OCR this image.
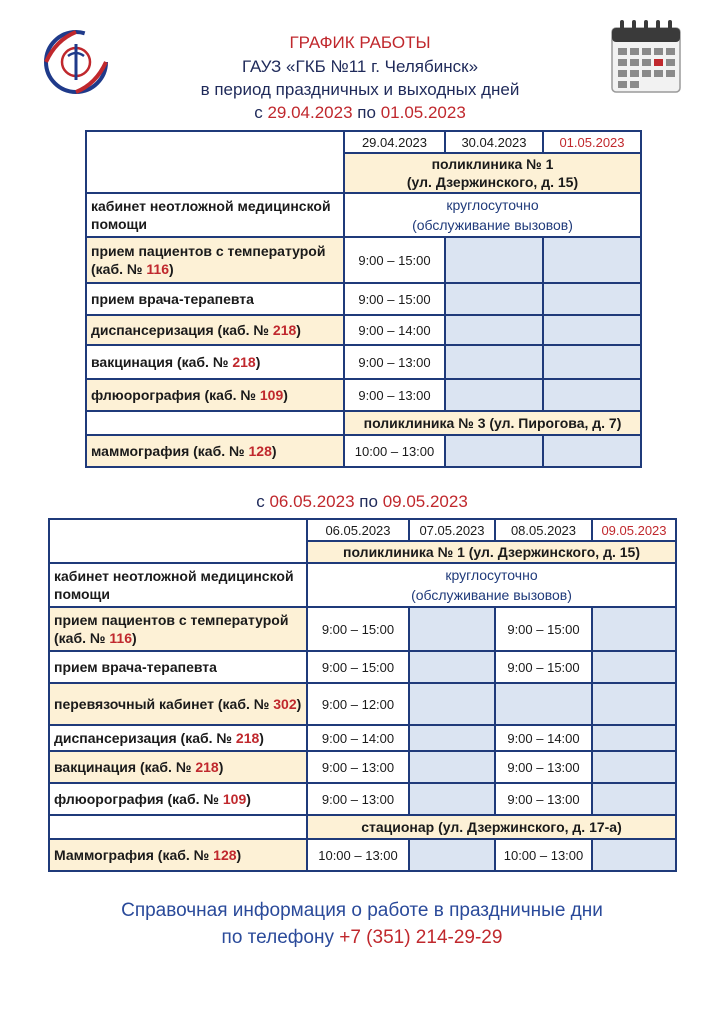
ГРАФИК РАБОТЫ
ГАУЗ «ГКБ №11 г. Челябинск»
в период праздничных и выходных дней
с 29.04.2023 по 01.05.2023
	29.04.2023	30.04.2023	01.05.2023
	поликлиника № 1
(ул. Дзержинского, д. 15)		
кабинет неотложной медицинской помощи	круглосуточно
(обслуживание вызовов)		
прием пациентов с температурой (каб. № 116)	9:00 – 15:00		
прием врача-терапевта	9:00 – 15:00		
диспансеризация (каб. № 218)	9:00 – 14:00		
вакцинация (каб. № 218)	9:00 – 13:00		
флюорография (каб. № 109)	9:00 – 13:00		
	поликлиника № 3 (ул. Пирогова, д. 7)		
маммография (каб. № 128)	10:00 – 13:00		
с 06.05.2023 по 09.05.2023
	06.05.2023	07.05.2023	08.05.2023	09.05.2023
	поликлиника № 1 (ул. Дзержинского, д. 15)			
кабинет неотложной медицинской помощи	круглосуточно
(обслуживание вызовов)			
прием пациентов с температурой (каб. № 116)	9:00 – 15:00		9:00 – 15:00	
прием врача-терапевта	9:00 – 15:00		9:00 – 15:00	
перевязочный кабинет (каб. № 302)	9:00 – 12:00			
диспансеризация (каб. № 218)	9:00 – 14:00		9:00 – 14:00	
вакцинация (каб. № 218)	9:00 – 13:00		9:00 – 13:00	
флюорография (каб. № 109)	9:00 – 13:00		9:00 – 13:00	
	стационар (ул. Дзержинского, д. 17-а)			
Маммография (каб. № 128)	10:00 – 13:00		10:00 – 13:00	
Справочная информация о работе в праздничные дни
по телефону +7 (351) 214-29-29
